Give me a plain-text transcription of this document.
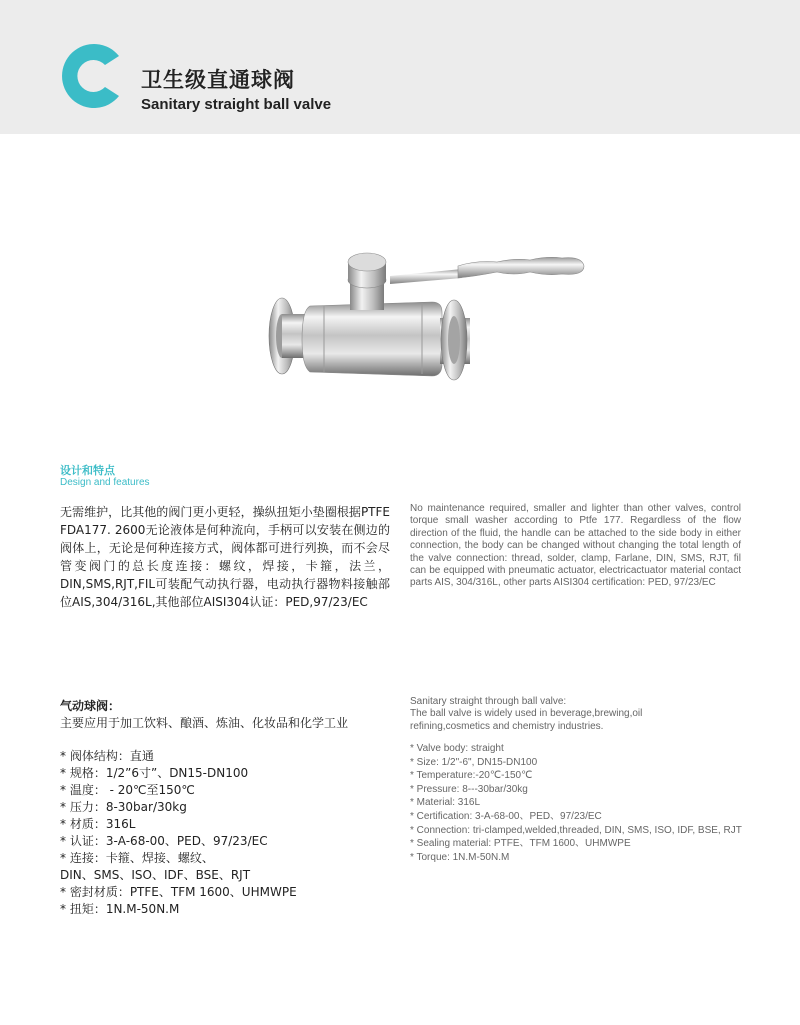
卫生级直通球阀
Sanitary straight ball valve
设计和特点
Design and features
无需维护，比其他的阀门更小更轻，操纵扭矩小垫圈根据PTFE FDA177. 2600无论液体是何种流向，手柄可以安装在侧边的阀体上，无论是何种连接方式，阀体都可进行列换，而不会尽管变阀门的总长度连接：螺纹，焊接，卡箍，法兰，DIN,SMS,RJT,FIL可装配气动执行器，电动执行器物料接触部位AIS,304/316L,其他部位AISI304认证：PED,97/23/EC
No maintenance required, smaller and lighter than other valves, control torque small washer according to Ptfe 177. Regardless of the flow direction of the fluid, the handle can be attached to the side body in either connection, the body can be changed without changing the total length of the valve connection: thread, solder, clamp, Farlane, DIN, SMS, RJT, fil can be equipped with pneumatic actuator, electricactuator material contact parts AIS, 304/316L, other parts AISI304 certification: PED, 97/23/EC
气动球阀：
主要应用于加工饮料、酿酒、炼油、化妆品和化学工业
* 阀体结构：直通
* 规格：1/2”6寸”、DN15-DN100
* 温度： - 20℃至150℃
* 压力：8-30bar/30kg
* 材质：316L
* 认证：3-A-68-00、PED、97/23/EC
* 连接：卡箍、焊接、螺纹、
DIN、SMS、ISO、IDF、BSE、RJT
* 密封材质：PTFE、TFM 1600、UHMWPE
* 扭矩：1N.M-50N.M
Sanitary straight through ball valve:
The ball valve is widely used in beverage,brewing,oil
refining,cosmetics and chemistry industries.
* Valve body: straight
* Size: 1/2"-6", DN15-DN100
* Temperature:-20℃-150℃
* Pressure: 8---30bar/30kg
* Material: 316L
* Certification: 3-A-68-00、PED、97/23/EC
* Connection: tri-clamped,welded,threaded, DIN, SMS, ISO, IDF, BSE, RJT
* Sealing material: PTFE、TFM 1600、UHMWPE
* Torque: 1N.M-50N.M
